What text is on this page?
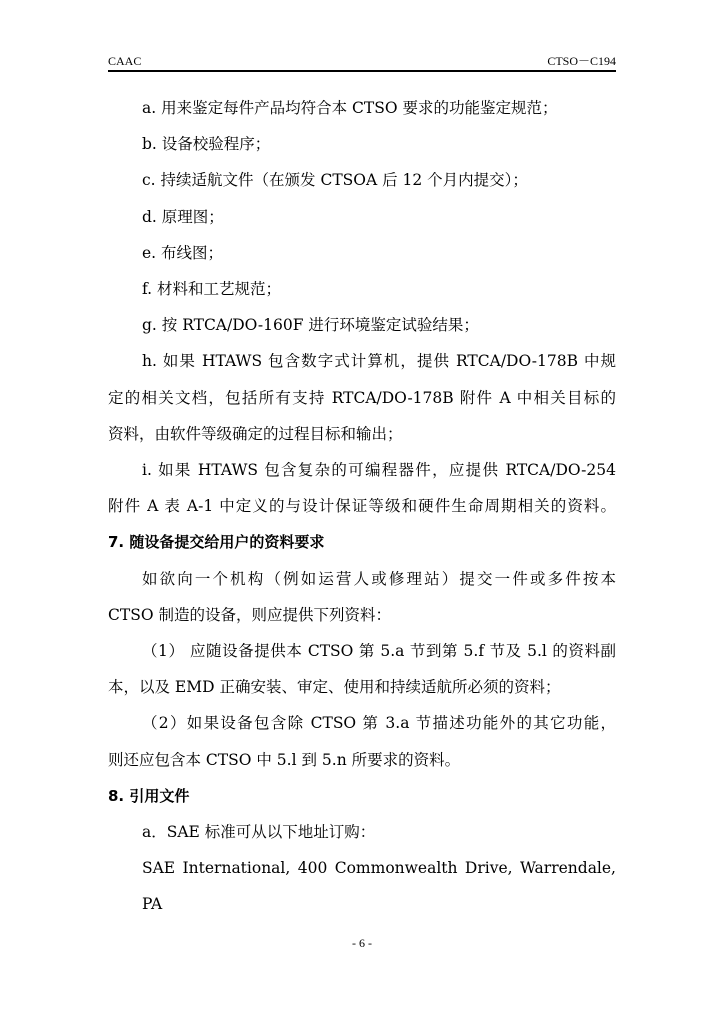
CAAC	CTSO－C194

a. 用来鉴定每件产品均符合本 CTSO 要求的功能鉴定规范；

b. 设备校验程序；

c. 持续适航文件（在颁发 CTSOA 后 12 个月内提交）；

d. 原理图；

e. 布线图；

f. 材料和工艺规范；

g. 按 RTCA/DO-160F 进行环境鉴定试验结果；

h. 如果 HTAWS 包含数字式计算机，提供 RTCA/DO-178B 中规

定的相关文档，包括所有支持 RTCA/DO-178B 附件 A 中相关目标的

资料，由软件等级确定的过程目标和输出；

i. 如果 HTAWS 包含复杂的可编程器件，应提供 RTCA/DO-254

附件 A 表 A-1 中定义的与设计保证等级和硬件生命周期相关的资料。

7. 随设备提交给用户的资料要求

如欲向一个机构（例如运营人或修理站）提交一件或多件按本

CTSO 制造的设备，则应提供下列资料：

（1） 应随设备提供本 CTSO 第 5.a 节到第 5.f 节及 5.l 的资料副

本，以及 EMD 正确安装、审定、使用和持续适航所必须的资料；

（2）如果设备包含除 CTSO 第 3.a 节描述功能外的其它功能，

则还应包含本 CTSO 中 5.l 到 5.n 所要求的资料。

8. 引用文件

a．SAE 标准可从以下地址订购：

SAE International, 400 Commonwealth Drive, Warrendale, PA

- 6 -
